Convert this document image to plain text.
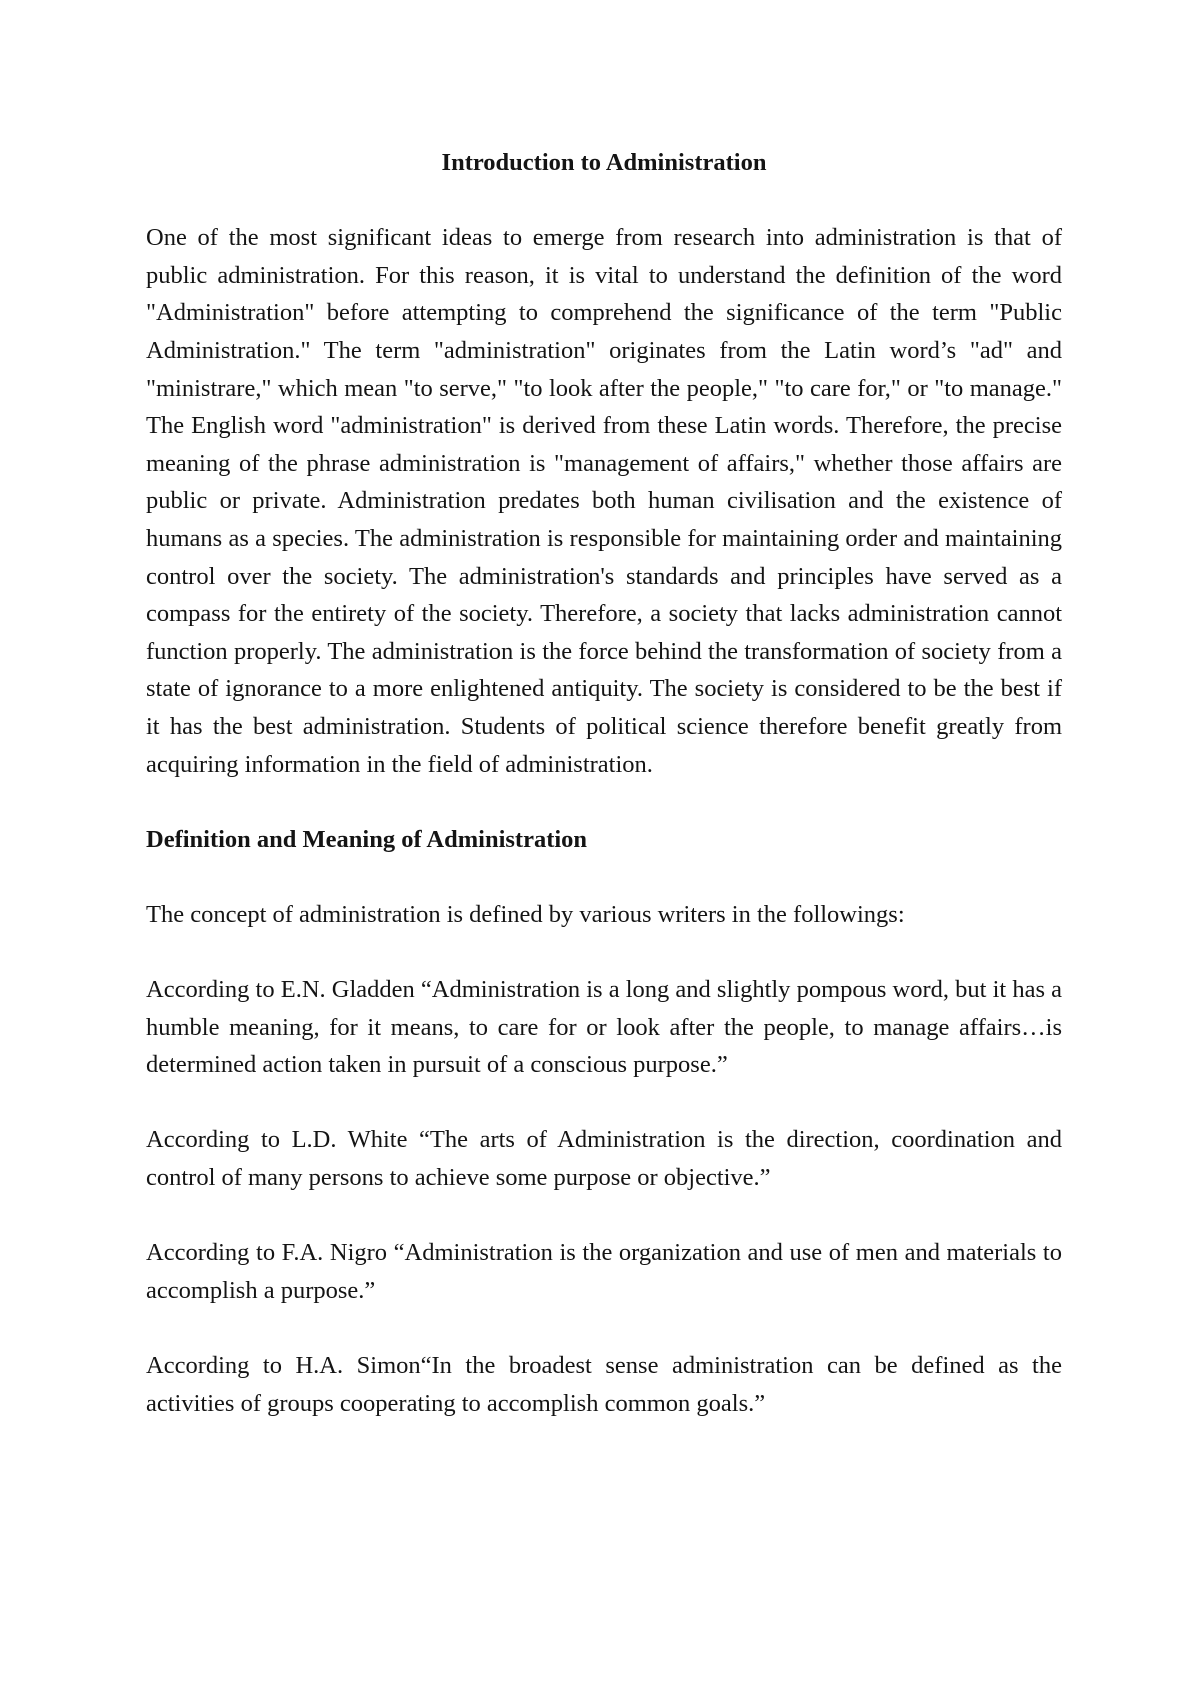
Introduction to Administration

One of the most significant ideas to emerge from research into administration is that of public administration. For this reason, it is vital to understand the definition of the word "Administration" before attempting to comprehend the significance of the term "Public Administration." The term "administration" originates from the Latin word’s "ad" and "ministrare," which mean "to serve," "to look after the people," "to care for," or "to manage." The English word "administration" is derived from these Latin words. Therefore, the precise meaning of the phrase administration is "management of affairs," whether those affairs are public or private. Administration predates both human civilisation and the existence of humans as a species. The administration is responsible for maintaining order and maintaining control over the society. The administration's standards and principles have served as a compass for the entirety of the society. Therefore, a society that lacks administration cannot function properly. The administration is the force behind the transformation of society from a state of ignorance to a more enlightened antiquity. The society is considered to be the best if it has the best administration. Students of political science therefore benefit greatly from acquiring information in the field of administration.

Definition and Meaning of Administration

The concept of administration is defined by various writers in the followings:

According to E.N. Gladden “Administration is a long and slightly pompous word, but it has a humble meaning, for it means, to care for or look after the people, to manage affairs…is determined action taken in pursuit of a conscious purpose.”

According to L.D. White “The arts of Administration is the direction, coordination and control of many persons to achieve some purpose or objective.”

According to F.A. Nigro “Administration is the organization and use of men and materials to accomplish a purpose.”

According to H.A. Simon“In the broadest sense administration can be defined as the activities of groups cooperating to accomplish common goals.”
